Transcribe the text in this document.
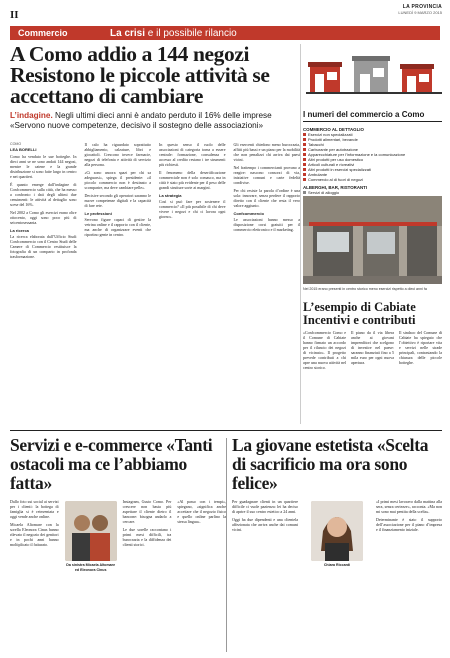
II
LA PROVINCIA
LUNEDÌ 9 MARZO 2015
Commercio	La crisi e il possibile rilancio
A Como addio a 144 negozi Resistono le piccole attività se accettano di cambiare
L’indagine. Negli ultimi dieci anni è andato perduto il 16% delle imprese «Servono nuove competenze, decisivo il sostegno delle associazioni»
COMO
LEA BORELLI
Como ha venduto le sue botteghe. In dieci anni se ne sono andati 144 negozi, mentre le catene e la grande distribuzione si sono fatte largo in centro e nei quartieri.
È quanto emerge dall’indagine di Confcommercio sulla città, che ha messo a confronto i dati degli ultimi due censimenti: le attività al dettaglio sono scese del 16%.
Nel 2002 a Como gli esercizi erano oltre ottocento, oggi sono poco più di seicentosessanta.
La ricerca
La ricerca elaborata dall’Ufficio Studi Confcommercio con il Centro Studi delle Camere di Commercio restituisce la fotografia di un comparto in profonda trasformazione.
Il calo ha riguardato soprattutto abbigliamento, calzature, libri e giocattoli. Crescono invece farmacie, negozi di telefonia e attività di servizio alla persona.
«Ci sono ancora spazi per chi sa adeguarsi», spiega il presidente: «il piccolo commercio non è destinato a scomparire, ma deve cambiare pelle».
Decisive secondo gli operatori saranno le nuove competenze digitali e la capacità di fare rete.
Le professioni
Servono figure capaci di gestire la vetrina online e il rapporto con il cliente, ma anche di organizzare eventi che riportino gente in centro.
In questo senso il ruolo delle associazioni di categoria torna a essere centrale: formazione, consulenza e accesso al credito restano i tre strumenti più richiesti.
Il fenomeno della desertificazione commerciale non è solo comasco, ma in città è stato più evidente per il peso delle grandi strutture sorte ai margini.
La strategia
Così si può fare per sostenere il commercio? «Il più possibile di chi deve vivere i negozi e chi ci lavora ogni giorno».
Gli esercenti chiedono meno burocrazia, affitti più bassi e un piano per la mobilità che non penalizzi chi arriva dai paesi vicini.
Nel frattempo i commercianti provano a reagire: nascono consorzi di via, iniziative comuni e carte fedeltà condivise.
Per chi resiste la parola d’ordine è una sola: innovare, senza perdere il rapporto diretto con il cliente che resta il vero valore aggiunto.
Confcommercio
Le associazioni hanno messo a disposizione corsi gratuiti per il commercio elettronico e il marketing.
I numeri del commercio a Como
COMMERCIO AL DETTAGLIO
Esercizi non specializzati
Prodotti alimentari, bevande
Tabacchi
Carburante per autotrazione
Apparecchiature per l’informazione e la comunicazione
Altri prodotti per uso domestico
Articoli culturali e ricreativi
Altri prodotti in esercizi specializzati
Ambulante
Commercio al di fuori di negozi
ALBERGHI, BAR, RISTORANTI
Servizi di alloggio
Nel 2015 erano presenti in centro storico meno esercizi rispetto a dieci anni fa
L’esempio di Cabiate Incentivi e contributi
«Confcommercio Como e il Comune di Cabiate hanno firmato un accordo per il rilancio dei negozi di vicinato». Il progetto prevede contributi a chi apre una nuova attività nel centro storico.
Il piano da il via libera anche ai giovani imprenditori che scelgono di investire nel paese: saranno finanziati fino a 5 mila euro per ogni nuova apertura.
Il sindaco del Comune di Cabiate ha spiegato che l’obiettivo è riportare vita e servizi nelle strade principali, contrastando la chiusura delle piccole botteghe.
Servizi e e-commerce «Tanti ostacoli ma ce l’abbiamo fatta»
Dallo foto sui social ai servizi per i clienti: la bottega di famiglia si è reinventata e oggi vende anche online.
Micaela Altomare con la sorella Eleonora Cinus hanno rilevato il negozio dei genitori e in pochi anni hanno moltiplicato il fatturato.
Da sinistra Micaela Altomare ed Eleonora Cinus
Instagram, Gusto Como. Per crescere non basta più aspettare il cliente dietro il bancone: bisogna andarlo a cercare.
Le due sorelle raccontano i primi mesi difficili, tra burocrazia e la diffidenza dei clienti storici.
«Al passo con i tempi», spiegano, «significa anche accettare che il negozio fisico e quello online parlino la stessa lingua».
La giovane estetista «Scelta di sacrificio ma ora sono felice»
Per guadagnare clienti in un quartiere difficile ci vuole pazienza: lei ha deciso di aprire il suo centro estetico a 24 anni.
Oggi ha due dipendenti e una clientela affezionata che arriva anche dai comuni vicini.
Chiara Riccardi
«I primi mesi lavoravo dalla mattina alla sera, senza certezze», racconta. «Ma non mi sono mai pentita della scelta».
Determinante è stato il supporto dell’associazione per il piano d’impresa e il finanziamento iniziale.
